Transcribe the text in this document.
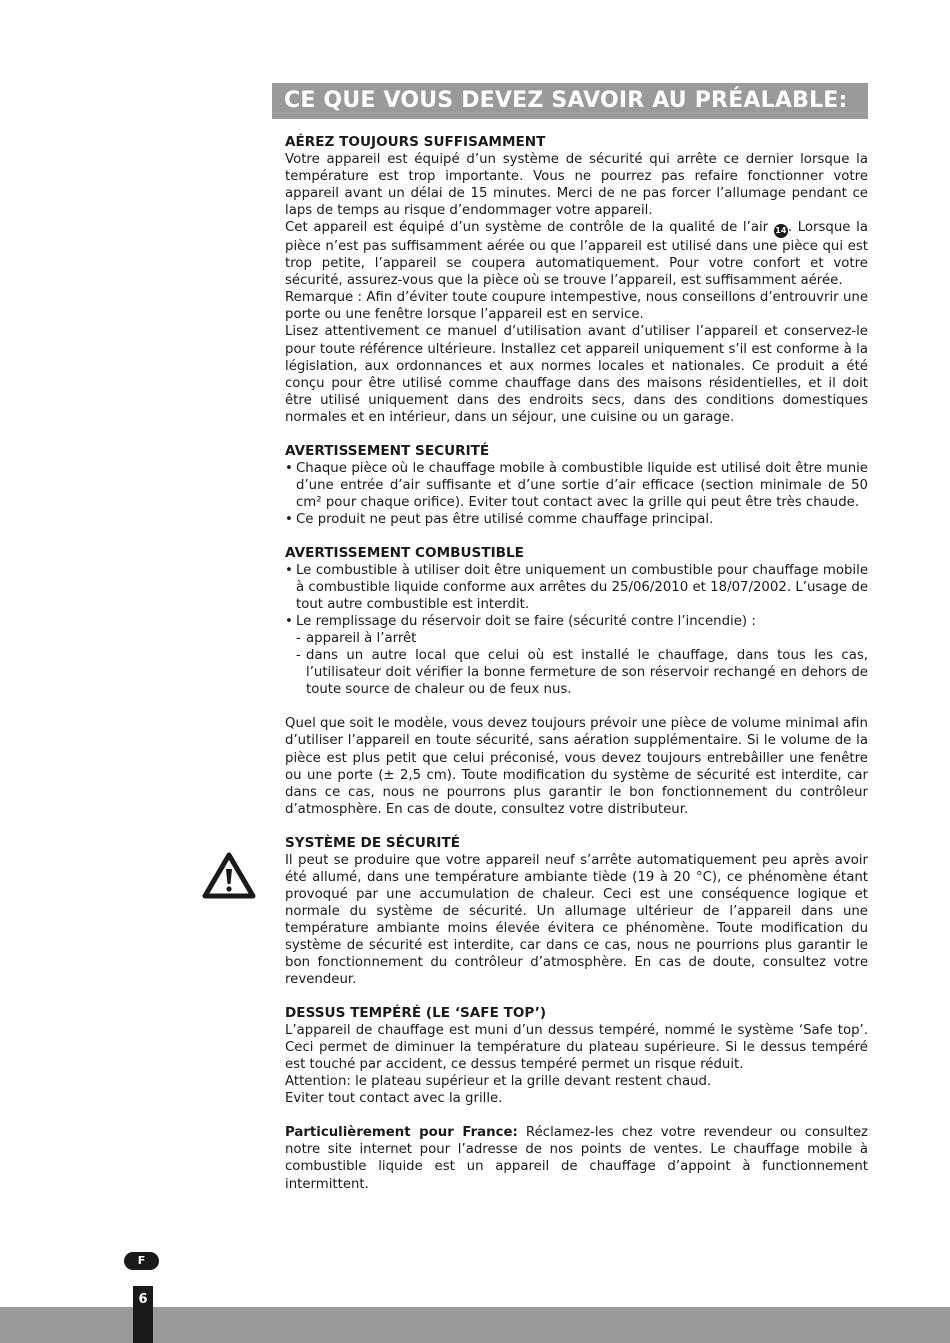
CE QUE VOUS DEVEZ SAVOIR AU PRÉALABLE:

AÉREZ TOUJOURS SUFFISAMMENT

Votre appareil est équipé d’un système de sécurité qui arrête ce dernier lorsque la température est trop importante. Vous ne pourrez pas refaire fonctionner votre appareil avant un délai de 15 minutes. Merci de ne pas forcer l’allumage pendant ce laps de temps au risque d’endommager votre appareil.

Cet appareil est équipé d’un système de contrôle de la qualité de l’air 14. Lorsque la pièce n’est pas suffisamment aérée ou que l’appareil est utilisé dans une pièce qui est trop petite, l’appareil se coupera automatiquement. Pour votre confort et votre sécurité, assurez-vous que la pièce où se trouve l’appareil, est suffisamment aérée.

Remarque : Afin d’éviter toute coupure intempestive, nous conseillons d’entrouvrir une porte ou une fenêtre lorsque l’appareil est en service.

Lisez attentivement ce manuel d’utilisation avant d’utiliser l’appareil et conservez-le pour toute référence ultérieure. Installez cet appareil uniquement s’il est conforme à la législation, aux ordonnances et aux normes locales et nationales. Ce produit a été conçu pour être utilisé comme chauffage dans des maisons résidentielles, et il doit être utilisé uniquement dans des endroits secs, dans des conditions domestiques normales et en intérieur, dans un séjour, une cuisine ou un garage.

AVERTISSEMENT SECURITÉ

• Chaque pièce où le chauffage mobile à combustible liquide est utilisé doit être munie d’une entrée d’air suffisante et d’une sortie d’air efficace (section minimale de 50 cm² pour chaque orifice). Eviter tout contact avec la grille qui peut être très chaude.
• Ce produit ne peut pas être utilisé comme chauffage principal.

AVERTISSEMENT COMBUSTIBLE

• Le combustible à utiliser doit être uniquement un combustible pour chauffage mobile à combustible liquide conforme aux arrêtes du 25/06/2010 et 18/07/2002. L’usage de tout autre combustible est interdit.
• Le remplissage du réservoir doit se faire (sécurité contre l’incendie) :
- appareil à l’arrêt
- dans un autre local que celui où est installé le chauffage, dans tous les cas, l’utilisateur doit vérifier la bonne fermeture de son réservoir rechangé en dehors de toute source de chaleur ou de feux nus.

Quel que soit le modèle, vous devez toujours prévoir une pièce de volume minimal afin d’utiliser l’appareil en toute sécurité, sans aération supplémentaire. Si le volume de la pièce est plus petit que celui préconisé, vous devez toujours entrebâiller une fenêtre ou une porte (± 2,5 cm). Toute modification du système de sécurité est interdite, car dans ce cas, nous ne pourrons plus garantir le bon fonctionnement du contrôleur d’atmosphère. En cas de doute, consultez votre distributeur.

SYSTÈME DE SÉCURITÉ

Il peut se produire que votre appareil neuf s’arrête automatiquement peu après avoir été allumé, dans une température ambiante tiède (19 à 20 °C), ce phénomène étant provoqué par une accumulation de chaleur. Ceci est une conséquence logique et normale du système de sécurité. Un allumage ultérieur de l’appareil dans une température ambiante moins élevée évitera ce phénomène. Toute modification du système de sécurité est interdite, car dans ce cas, nous ne pourrions plus garantir le bon fonctionnement du contrôleur d’atmosphère. En cas de doute, consultez votre revendeur.

DESSUS TEMPÉRÉ (LE ‘SAFE TOP’)

L’appareil de chauffage est muni d’un dessus tempéré, nommé le système ‘Safe top’. Ceci permet de diminuer la température du plateau supérieure. Si le dessus tempéré est touché par accident, ce dessus tempéré permet un risque réduit.

Attention: le plateau supérieur et la grille devant restent chaud.

Eviter tout contact avec la grille.

Particulièrement pour France: Réclamez-les chez votre revendeur ou consultez notre site internet pour l’adresse de nos points de ventes. Le chauffage mobile à combustible liquide est un appareil de chauffage d’appoint à functionnement intermittent.

F
6
